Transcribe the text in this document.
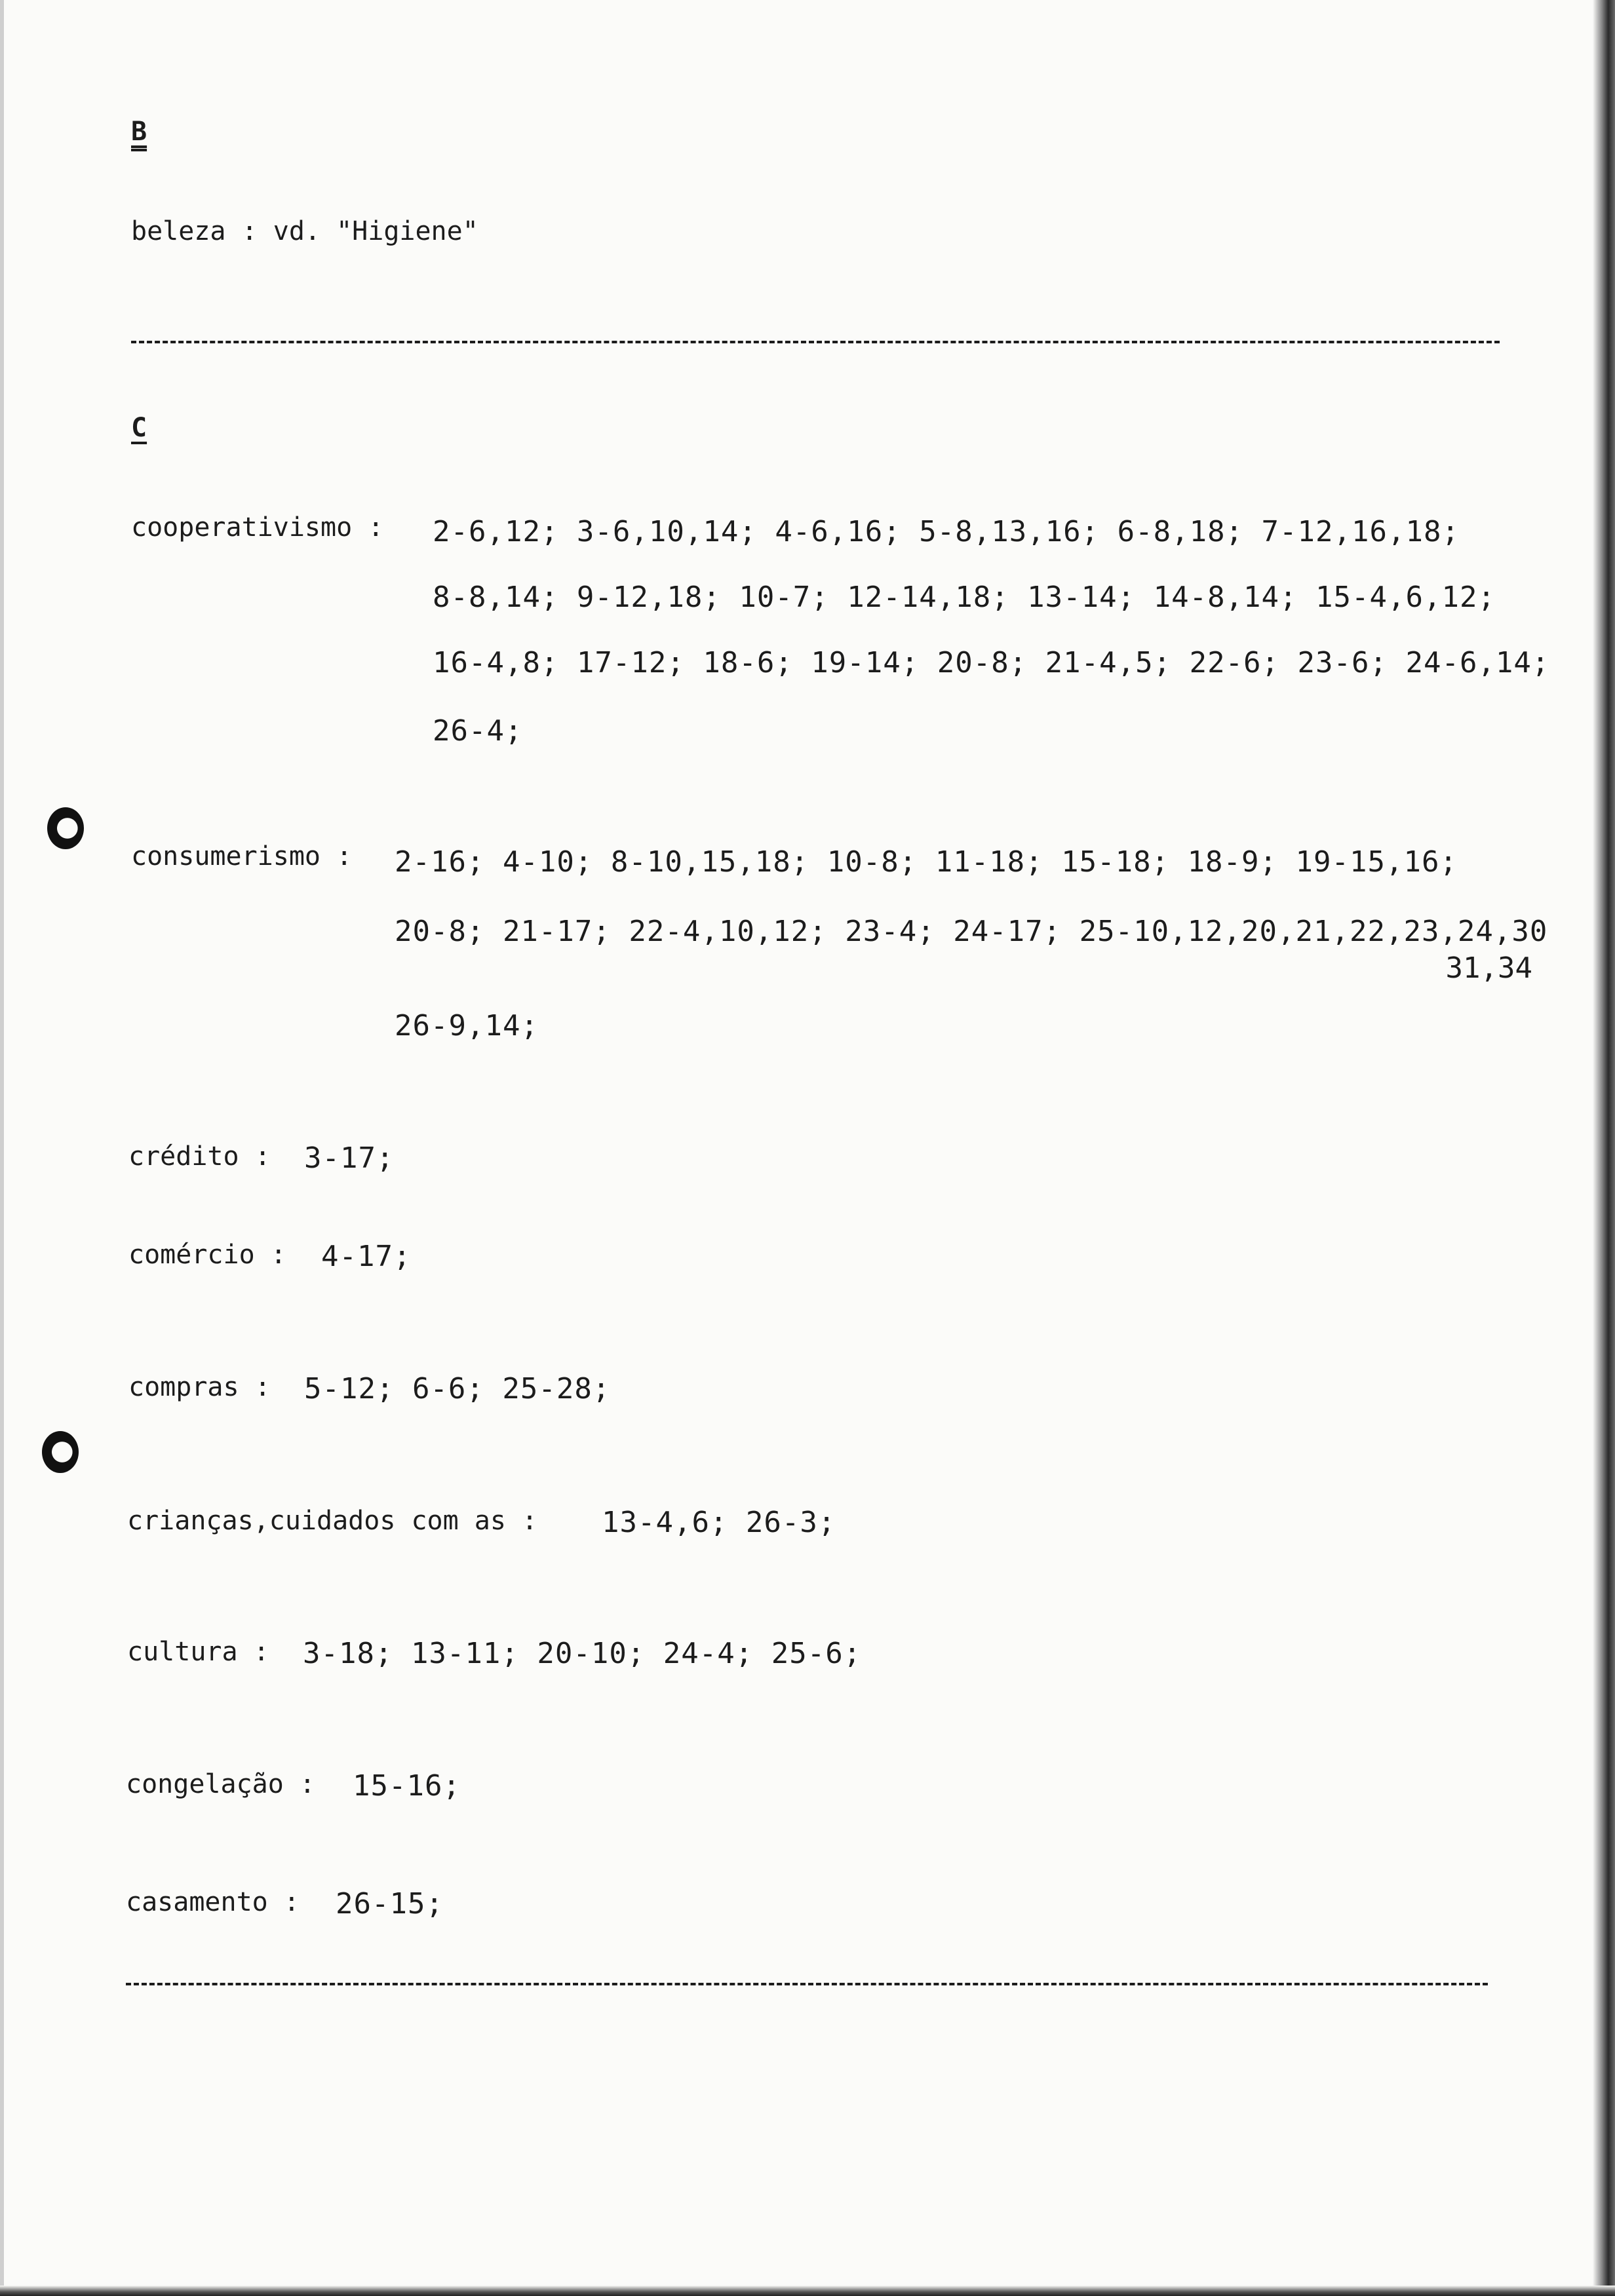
B
beleza : vd. "Higiene"
C
cooperativismo : 2-6,12; 3-6,10,14; 4-6,16; 5-8,13,16; 6-8,18; 7-12,16,18;
8-8,14; 9-12,18; 10-7; 12-14,18; 13-14; 14-8,14; 15-4,6,12;
16-4,8; 17-12; 18-6; 19-14; 20-8; 21-4,5; 22-6; 23-6; 24-6,14;
26-4;
consumerismo : 2-16; 4-10; 8-10,15,18; 10-8; 11-18; 15-18; 18-9; 19-15,16;
20-8; 21-17; 22-4,10,12; 23-4; 24-17; 25-10,12,20,21,22,23,24,30
31,34
26-9,14;
crédito : 3-17;
comércio : 4-17;
compras : 5-12; 6-6; 25-28;
crianças,cuidados com as : 13-4,6; 26-3;
cultura : 3-18; 13-11; 20-10; 24-4; 25-6;
congelação : 15-16;
casamento : 26-15;
